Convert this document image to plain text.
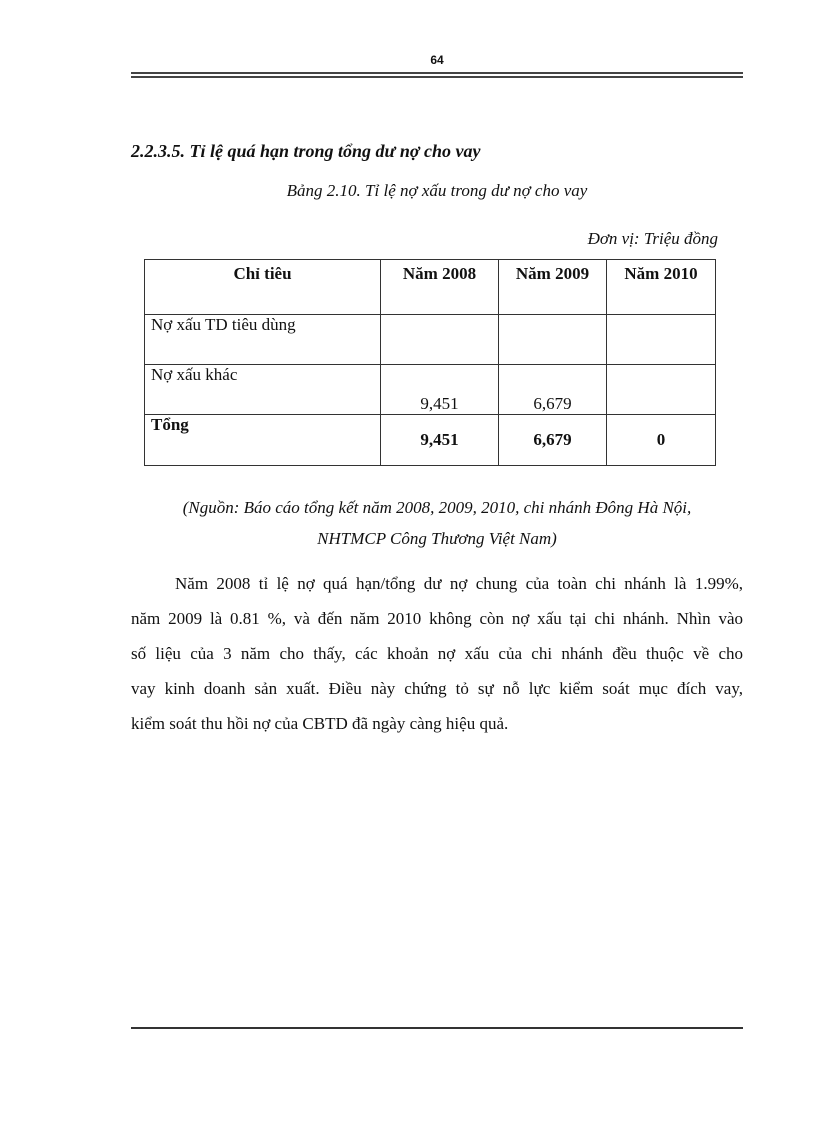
64
2.2.3.5. Tỉ lệ quá hạn trong tổng dư nợ cho vay
Bảng 2.10. Tỉ lệ nợ xấu trong dư nợ cho vay
Đơn vị: Triệu đồng
Chỉ tiêu	Năm 2008	Năm 2009	Năm 2010
Nợ xấu TD tiêu dùng			
Nợ xấu khác	9,451	6,679	
Tổng	9,451	6,679	0
(Nguồn: Báo cáo tổng kết năm 2008, 2009, 2010, chi nhánh Đông Hà Nội,
NHTMCP Công Thương Việt Nam)
Năm 2008 tỉ lệ nợ quá hạn/tổng dư nợ chung của toàn chi nhánh là 1.99%,
năm 2009 là 0.81 %, và đến năm 2010 không còn nợ xấu tại chi nhánh. Nhìn vào
số liệu của 3 năm cho thấy, các khoản nợ xấu của chi nhánh đều thuộc về cho
vay kinh doanh sản xuất. Điều này chứng tỏ sự nỗ lực kiểm soát mục đích vay,
kiểm soát thu hồi nợ của CBTD đã ngày càng hiệu quả.
